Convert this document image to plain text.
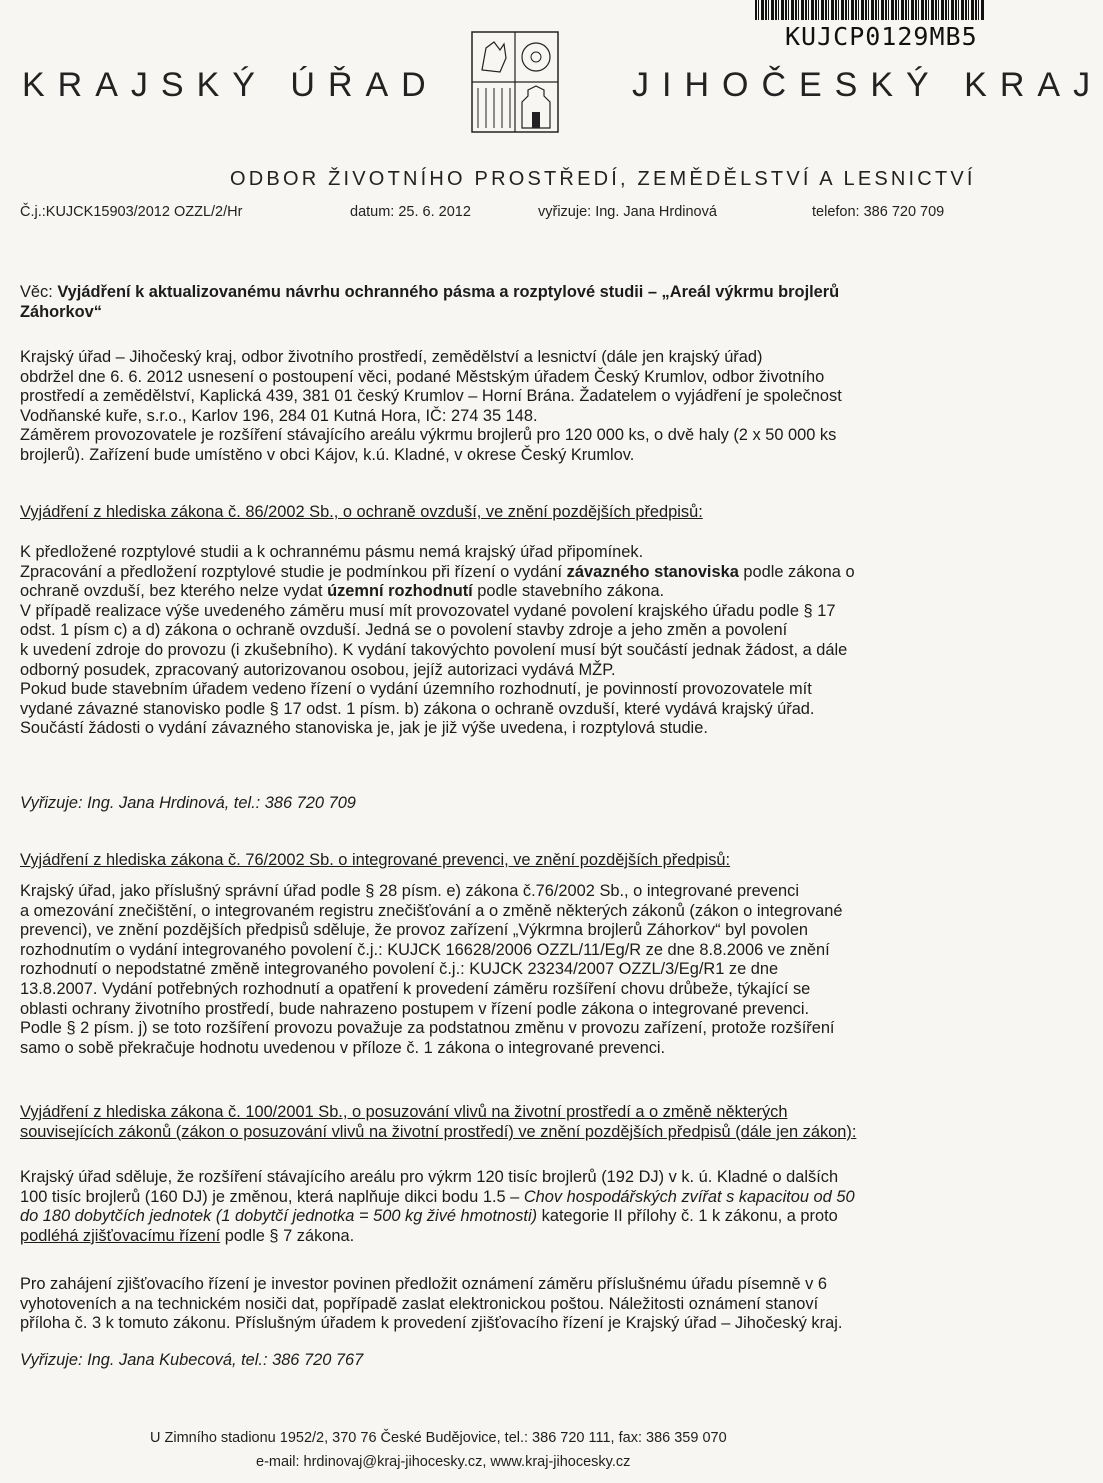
KUJCP0129MB5
KRAJSKÝ ÚŘAD	JIHOČESKÝ KRAJ
ODBOR ŽIVOTNÍHO PROSTŘEDÍ, ZEMĚDĚLSTVÍ A LESNICTVÍ
Č.j.:KUJCK15903/2012 OZZL/2/Hr	datum: 25. 6. 2012	vyřizuje: Ing. Jana Hrdinová	telefon: 386 720 709
Věc: Vyjádření k aktualizovanému návrhu ochranného pásma a rozptylové studii – „Areál výkrmu brojlerů
Záhorkov“
Krajský úřad – Jihočeský kraj, odbor životního prostředí, zemědělství a lesnictví (dále jen krajský úřad)
obdržel dne 6. 6. 2012 usnesení o postoupení věci, podané Městským úřadem Český Krumlov, odbor životního
prostředí a zemědělství, Kaplická 439, 381 01 český Krumlov – Horní Brána. Žadatelem o vyjádření je společnost
Vodňanské kuře, s.r.o., Karlov 196, 284 01 Kutná Hora, IČ: 274 35 148.
Záměrem provozovatele je rozšíření stávajícího areálu výkrmu brojlerů pro 120 000 ks, o dvě haly (2 x 50 000 ks
brojlerů). Zařízení bude umístěno v obci Kájov, k.ú. Kladné, v okrese Český Krumlov.
Vyjádření z hlediska zákona č. 86/2002 Sb., o ochraně ovzduší, ve znění pozdějších předpisů:
K předložené rozptylové studii a k ochrannému pásmu nemá krajský úřad připomínek.
Zpracování a předložení rozptylové studie je podmínkou při řízení o vydání závazného stanoviska podle zákona o
ochraně ovzduší, bez kterého nelze vydat územní rozhodnutí podle stavebního zákona.
V případě realizace výše uvedeného záměru musí mít provozovatel vydané povolení krajského úřadu podle § 17
odst. 1 písm c) a d) zákona o ochraně ovzduší. Jedná se o povolení stavby zdroje a jeho změn a povolení
k uvedení zdroje do provozu (i zkušebního). K vydání takovýchto povolení musí být součástí jednak žádost, a dále
odborný posudek, zpracovaný autorizovanou osobou, jejíž autorizaci vydává MŽP.
Pokud bude stavebním úřadem vedeno řízení o vydání územního rozhodnutí, je povinností provozovatele mít
vydané závazné stanovisko podle § 17 odst. 1 písm. b) zákona o ochraně ovzduší, které vydává krajský úřad.
Součástí žádosti o vydání závazného stanoviska je, jak je již výše uvedena, i rozptylová studie.
Vyřizuje: Ing. Jana Hrdinová, tel.: 386 720 709
Vyjádření z hlediska zákona č. 76/2002 Sb. o integrované prevenci, ve znění pozdějších předpisů:
Krajský úřad, jako příslušný správní úřad podle § 28 písm. e) zákona č.76/2002 Sb., o integrované prevenci
a omezování znečištění, o integrovaném registru znečišťování a o změně některých zákonů (zákon o integrované
prevenci), ve znění pozdějších předpisů sděluje, že provoz zařízení „Výkrmna brojlerů Záhorkov“ byl povolen
rozhodnutím o vydání integrovaného povolení č.j.: KUJCK 16628/2006 OZZL/11/Eg/R ze dne 8.8.2006 ve znění
rozhodnutí o nepodstatné změně integrovaného povolení č.j.: KUJCK 23234/2007 OZZL/3/Eg/R1 ze dne
13.8.2007. Vydání potřebných rozhodnutí a opatření k provedení záměru rozšíření chovu drůbeže, týkající se
oblasti ochrany životního prostředí, bude nahrazeno postupem v řízení podle zákona o integrované prevenci.
Podle § 2 písm. j) se toto rozšíření provozu považuje za podstatnou změnu v provozu zařízení, protože rozšíření
samo o sobě překračuje hodnotu uvedenou v příloze č. 1 zákona o integrované prevenci.
Vyjádření z hlediska zákona č. 100/2001 Sb., o posuzování vlivů na životní prostředí a o změně některých
souvisejících zákonů (zákon o posuzování vlivů na životní prostředí) ve znění pozdějších předpisů (dále jen zákon):
Krajský úřad sděluje, že rozšíření stávajícího areálu pro výkrm 120 tisíc brojlerů (192 DJ) v k. ú. Kladné o dalších
100 tisíc brojlerů (160 DJ) je změnou, která naplňuje dikci bodu 1.5 – Chov hospodářských zvířat s kapacitou od 50
do 180 dobytčích jednotek (1 dobytčí jednotka = 500 kg živé hmotnosti) kategorie II přílohy č. 1 k zákonu, a proto
podléhá zjišťovacímu řízení podle § 7 zákona.
Pro zahájení zjišťovacího řízení je investor povinen předložit oznámení záměru příslušnému úřadu písemně v 6
vyhotoveních a na technickém nosiči dat, popřípadě zaslat elektronickou poštou. Náležitosti oznámení stanoví
příloha č. 3 k tomuto zákonu. Příslušným úřadem k provedení zjišťovacího řízení je Krajský úřad – Jihočeský kraj.
Vyřizuje: Ing. Jana Kubecová, tel.: 386 720 767
U Zimního stadionu 1952/2, 370 76 České Budějovice, tel.: 386 720 111, fax: 386 359 070
e-mail: hrdinovaj@kraj-jihocesky.cz, www.kraj-jihocesky.cz
